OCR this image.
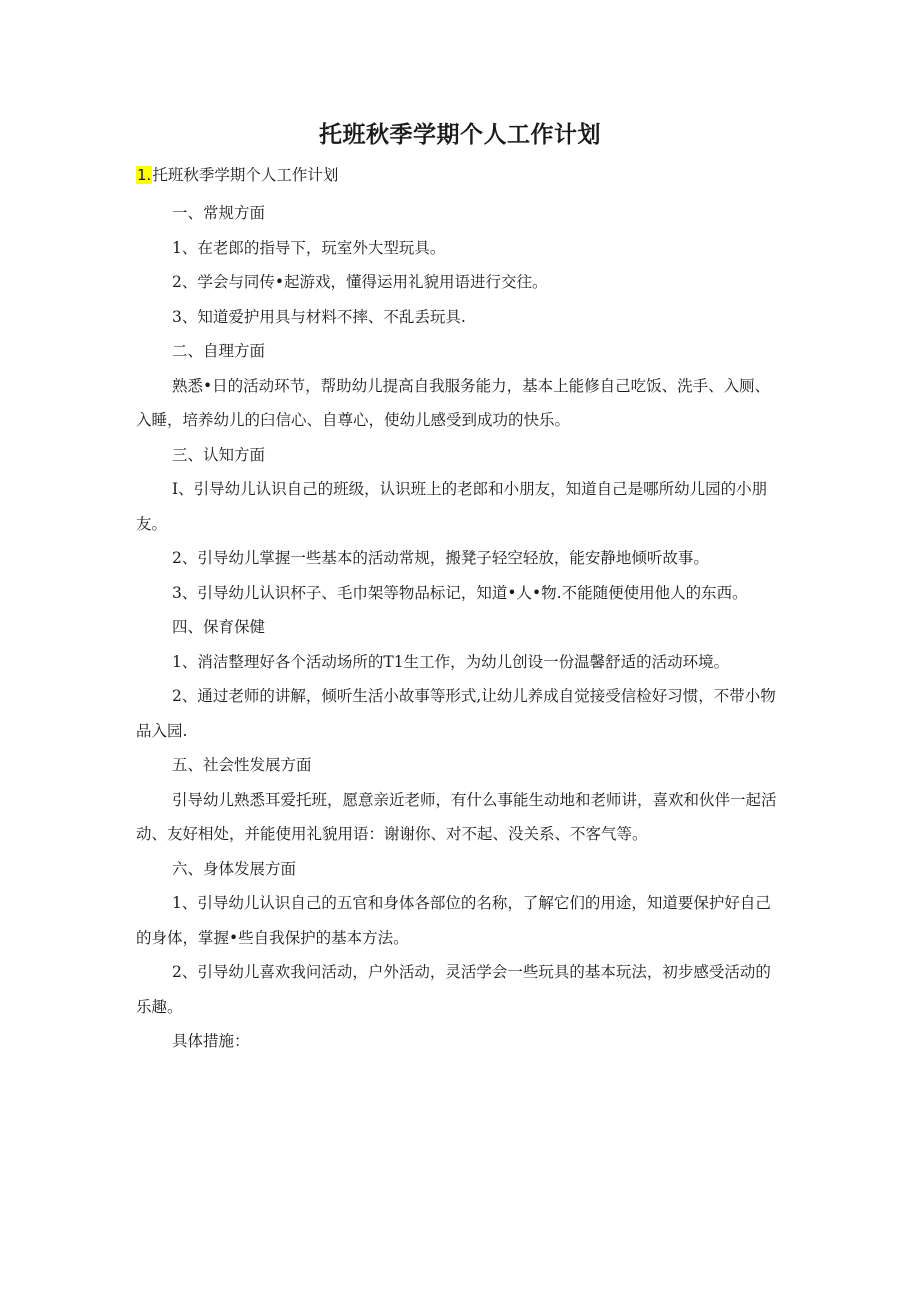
托班秋季学期个人工作计划
1.托班秋季学期个人工作计划

一、常规方面

1、在老郎的指导下，玩室外大型玩具。

2、学会与同传•起游戏，懂得运用礼貌用语进行交往。

3、知道爱护用具与材料不摔、不乱丢玩具.

二、自理方面

熟悉•日的活动环节，帮助幼儿提高自我服务能力，基本上能修自己吃饭、洗手、入厕、入睡，培养幼儿的臼信心、自尊心，使幼儿感受到成功的快乐。

三、认知方面

I、引导幼儿认识自己的班级，认识班上的老郎和小朋友，知道自己是哪所幼儿园的小朋友。

2、引导幼儿掌握一些基本的活动常规，搬凳子轻空轻放，能安静地倾听故事。

3、引导幼儿认识杯子、毛巾架等物品标记，知道•人•物.不能随便使用他人的东西。

四、保育保健

1、消洁整理好各个活动场所的T1生工作，为幼儿创设一份温馨舒适的活动环境。

2、通过老师的讲解，倾听生活小故事等形式,让幼儿养成自觉接受信检好习惯，不带小物品入园.

五、社会性发展方面

引导幼儿熟悉耳爱托班，愿意亲近老师，有什么事能生动地和老师讲，喜欢和伙伴一起活动、友好相处，并能使用礼貌用语：谢谢你、对不起、没关系、不客气等。

六、身体发展方面

1、引导幼儿认识自己的五官和身体各部位的名称，了解它们的用途，知道要保护好自己的身体，掌握•些自我保护的基本方法。

2、引导幼儿喜欢我问活动，户外活动，灵活学会一些玩具的基本玩法，初步感受活动的乐趣。

具体措施：
